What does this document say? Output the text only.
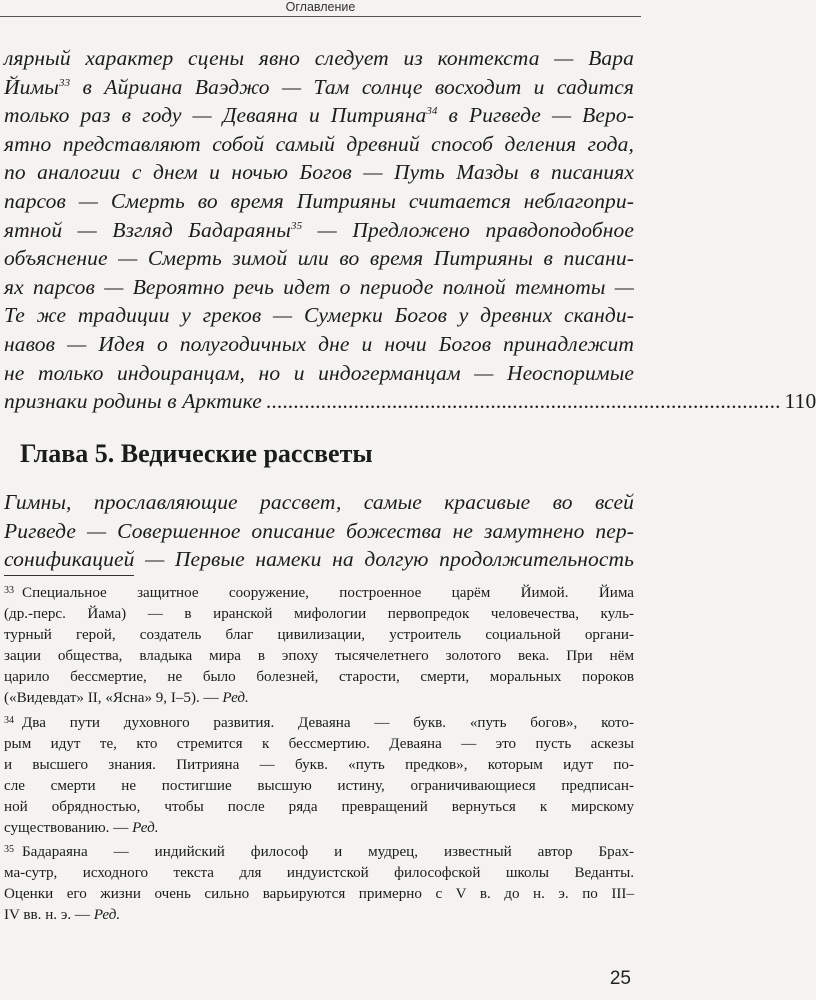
Оглавление
лярный характер сцены явно следует из контекста — Вара
Йимы$^{33}$ в Айриана Ваэджо — Там солнце восходит и садится
только раз в году — Деваяна и Питрияна$^{34}$ в Ригведе — Веро-
ятно представляют собой самый древний способ деления года,
по аналогии с днем и ночью Богов — Путь Мазды в писаниях
парсов — Смерть во время Питрияны считается неблагопри-
ятной — Взгляд Бадараяны$^{35}$ — Предложено правдоподобное
объяснение — Смерть зимой или во время Питрияны в писани-
ях парсов — Вероятно речь идет о периоде полной темноты —
Те же традиции у греков — Сумерки Богов у древних сканди-
навов — Идея о полугодичных дне и ночи Богов принадлежит
не только индоиранцам, но и индогерманцам — Неоспоримые
признаки родины в Арктике .............................................................................................. 110
Глава 5. Ведические рассветы
Гимны, прославляющие рассвет, самые красивые во всей
Ригведе — Совершенное описание божества не замутнено пер-
сонификацией — Первые намеки на долгую продолжительность
$^{33}$ Специальное защитное сооружение, построенное царём Йимой. Йима
(др.-перс. Йама) — в иранской мифологии первопредок человечества, куль-
турный герой, создатель благ цивилизации, устроитель социальной органи-
зации общества, владыка мира в эпоху тысячелетнего золотого века. При нём
царило бессмертие, не было болезней, старости, смерти, моральных пороков
(«Видевдат» II, «Ясна» 9, I–5). — Ред.
$^{34}$ Два пути духовного развития. Деваяна — букв. «путь богов», кото-
рым идут те, кто стремится к бессмертию. Деваяна — это пусть аскезы
и высшего знания. Питрияна — букв. «путь предков», которым идут по-
сле смерти не постигшие высшую истину, ограничивающиеся предписан-
ной обрядностью, чтобы после ряда превращений вернуться к мирскому
существованию. — Ред.
$^{35}$ Бадараяна — индийский философ и мудрец, известный автор Брах-
ма-сутр, исходного текста для индуистской философской школы Веданты.
Оценки его жизни очень сильно варьируются примерно с V в. до н. э. по III–
IV вв. н. э. — Ред.
25
